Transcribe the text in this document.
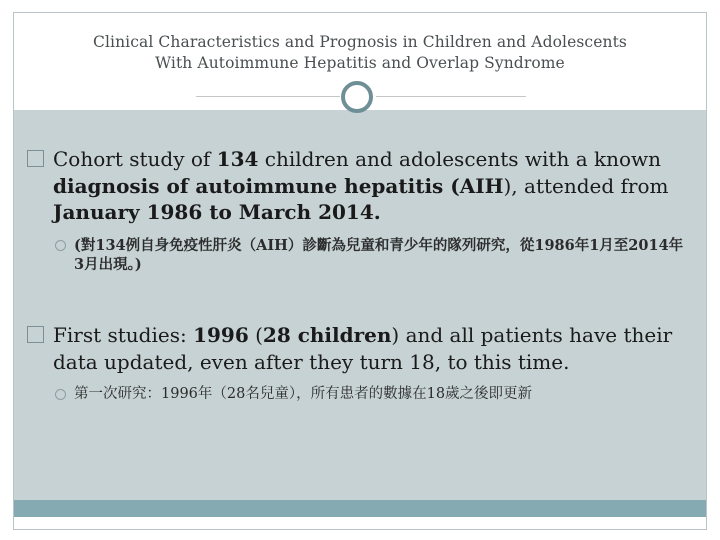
Clinical Characteristics and Prognosis in Children and Adolescents
With Autoimmune Hepatitis and Overlap Syndrome
Cohort study of 134 children and adolescents with a known diagnosis of autoimmune hepatitis (AIH), attended from January 1986 to March 2014.
(對134例自身免疫性肝炎（AIH）診斷為兒童和青少年的隊列研究，從1986年1月至2014年3月出現。)
First studies: 1996 (28 children) and all patients have their data updated, even after they turn 18, to this time.
第一次研究：1996年（28名兒童），所有患者的數據在18歲之後即更新
